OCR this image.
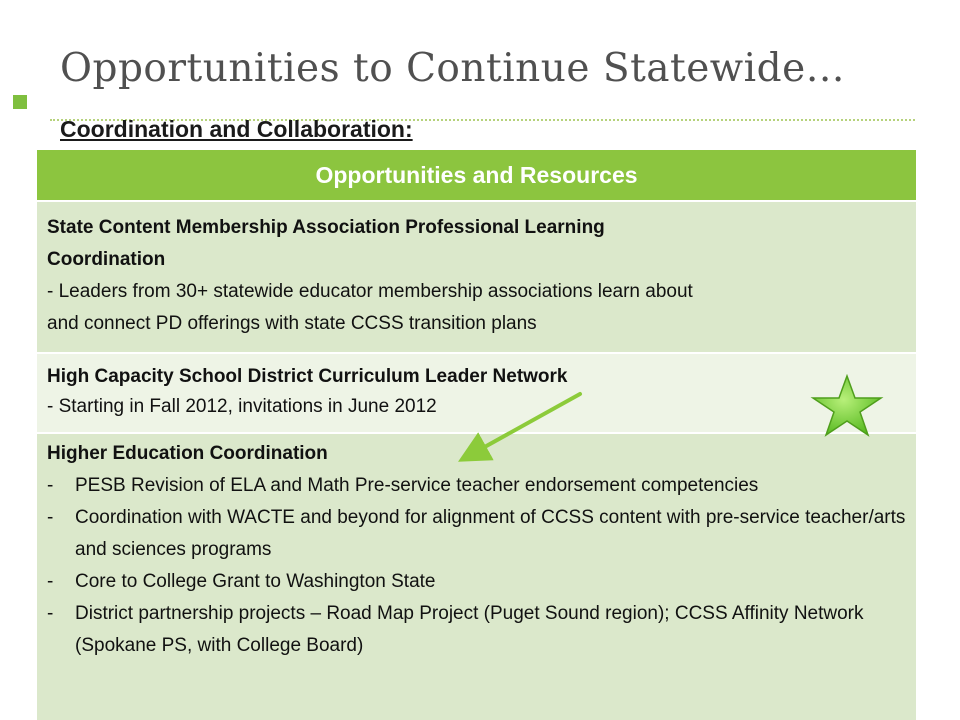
Opportunities to Continue Statewide…
Coordination and Collaboration:
Opportunities and Resources
State Content Membership Association Professional Learning
Coordination
- Leaders from 30+ statewide educator membership associations learn about
and connect PD offerings with state CCSS transition plans
High Capacity School District Curriculum Leader Network
- Starting in Fall 2012, invitations in June 2012
Higher Education Coordination
-	PESB Revision of ELA and Math Pre-service teacher endorsement competencies
-	Coordination with WACTE and beyond for alignment of CCSS content with pre-service teacher/arts and sciences programs
-	Core to College Grant to Washington State
-	District partnership projects – Road Map Project (Puget Sound region); CCSS Affinity Network (Spokane PS, with College Board)
